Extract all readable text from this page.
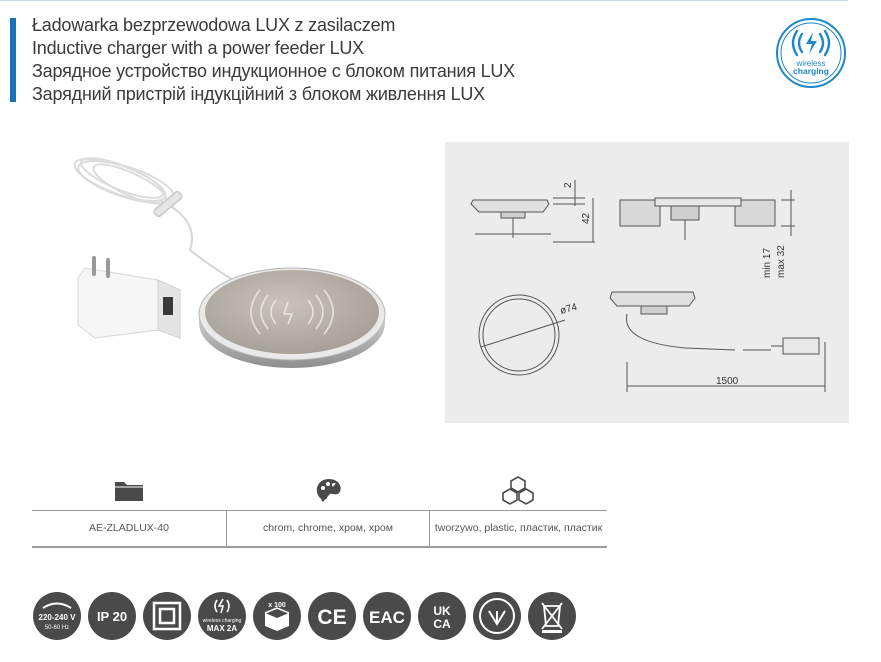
Ładowarka bezprzewodowa LUX z zasilaczem
Inductive charger with a power feeder LUX
Зарядное устройство индукционное с блоком питания LUX
Зарядний пристрій індукційний з блоком живлення LUX
wireless
charging
2
42
min 17 max 32
ø74
1500
AE-ZLADLUX-40	chrom, chrome, хром, хром	tworzywo, plastic, пластик, пластик
220-240 V
50-60 Hz
IP 20	wireless charging
MAX 2A
x 100
CE EAC UK
CA
